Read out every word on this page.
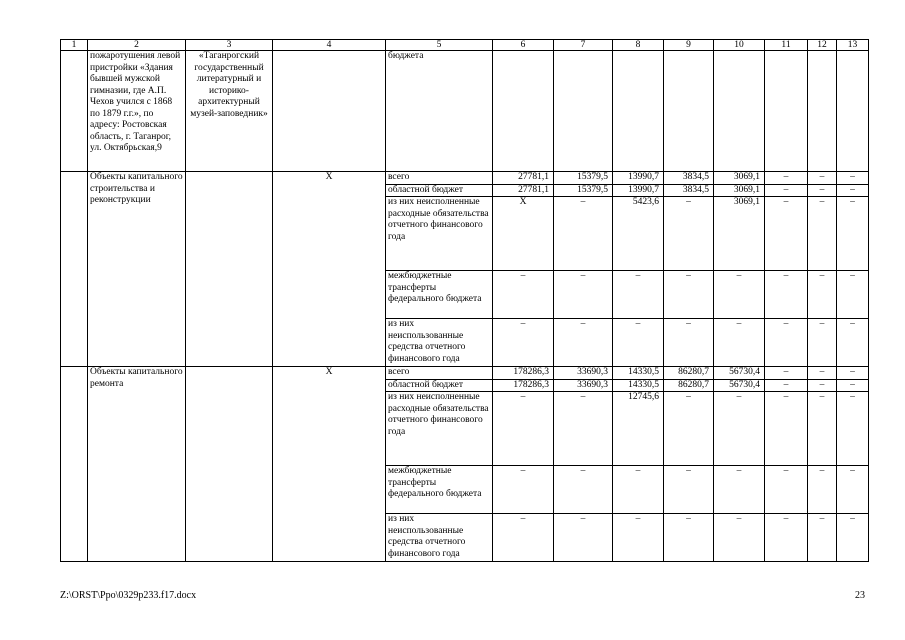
1	2	3	4	5	6	7	8	9	10	11	12	13
	пожаротушения левой пристройки «Здания бывшей мужской гимназии, где А.П. Чехов учился с 1868 по 1879 г.г.», по адресу: Ростовская область, г. Таганрог, ул. Октябрьская,9	«Таганрогский государственный литературный и историко-архитектурный музей-заповедник»		бюджета								
	Объекты капитального строительства и реконструкции		Х	всего	27781,1	15379,5	13990,7	3834,5	3069,1	–	–	–
				областной бюджет	27781,1	15379,5	13990,7	3834,5	3069,1	–	–	–
				из них неисполненные расходные обязательства отчетного финансового года	Х	–	5423,6	–	3069,1	–	–	–
				межбюджетные трансферты федерального бюджета	–	–	–	–	–	–	–	–
				из них неиспользованные средства отчетного финансового года	–	–	–	–	–	–	–	–
	Объекты капитального ремонта		Х	всего	178286,3	33690,3	14330,5	86280,7	56730,4	–	–	–
				областной бюджет	178286,3	33690,3	14330,5	86280,7	56730,4	–	–	–
				из них неисполненные расходные обязательства отчетного финансового года	–	–	12745,6	–	–	–	–	–
				межбюджетные трансферты федерального бюджета	–	–	–	–	–	–	–	–
				из них неиспользованные средства отчетного финансового года	–	–	–	–	–	–	–	–
Z:\ORST\Ppo\0329p233.f17.docx	23
